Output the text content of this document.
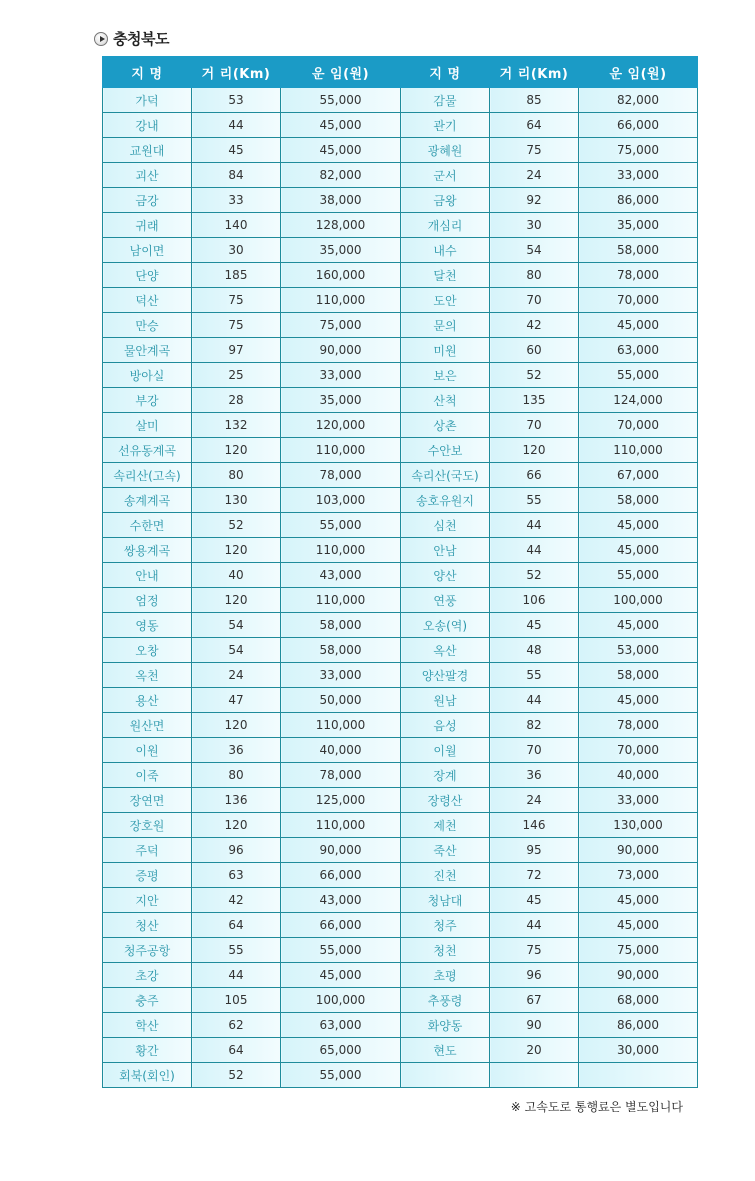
충청북도
지 명	거 리(Km)	운 임(원)	지 명	거 리(Km)	운 임(원)
가덕	53	55,000	감물	85	82,000
강내	44	45,000	관기	64	66,000
교원대	45	45,000	광혜원	75	75,000
괴산	84	82,000	군서	24	33,000
금강	33	38,000	금왕	92	86,000
귀래	140	128,000	개심리	30	35,000
남이면	30	35,000	내수	54	58,000
단양	185	160,000	달천	80	78,000
덕산	75	110,000	도안	70	70,000
만승	75	75,000	문의	42	45,000
물안계곡	97	90,000	미원	60	63,000
방아실	25	33,000	보은	52	55,000
부강	28	35,000	산척	135	124,000
살미	132	120,000	상촌	70	70,000
선유동계곡	120	110,000	수안보	120	110,000
속리산(고속)	80	78,000	속리산(국도)	66	67,000
송계계곡	130	103,000	송호유원지	55	58,000
수한면	52	55,000	심천	44	45,000
쌍용계곡	120	110,000	안남	44	45,000
안내	40	43,000	양산	52	55,000
엄정	120	110,000	연풍	106	100,000
영동	54	58,000	오송(역)	45	45,000
오창	54	58,000	옥산	48	53,000
옥천	24	33,000	양산팔경	55	58,000
용산	47	50,000	원남	44	45,000
원산면	120	110,000	음성	82	78,000
이원	36	40,000	이월	70	70,000
이죽	80	78,000	장계	36	40,000
장연면	136	125,000	장령산	24	33,000
장호원	120	110,000	제천	146	130,000
주덕	96	90,000	죽산	95	90,000
증평	63	66,000	진천	72	73,000
지안	42	43,000	청남대	45	45,000
청산	64	66,000	청주	44	45,000
청주공항	55	55,000	청천	75	75,000
초강	44	45,000	초평	96	90,000
충주	105	100,000	추풍령	67	68,000
학산	62	63,000	화양동	90	86,000
황간	64	65,000	현도	20	30,000
회북(회인)	52	55,000			
※ 고속도로 통행료은 별도입니다
